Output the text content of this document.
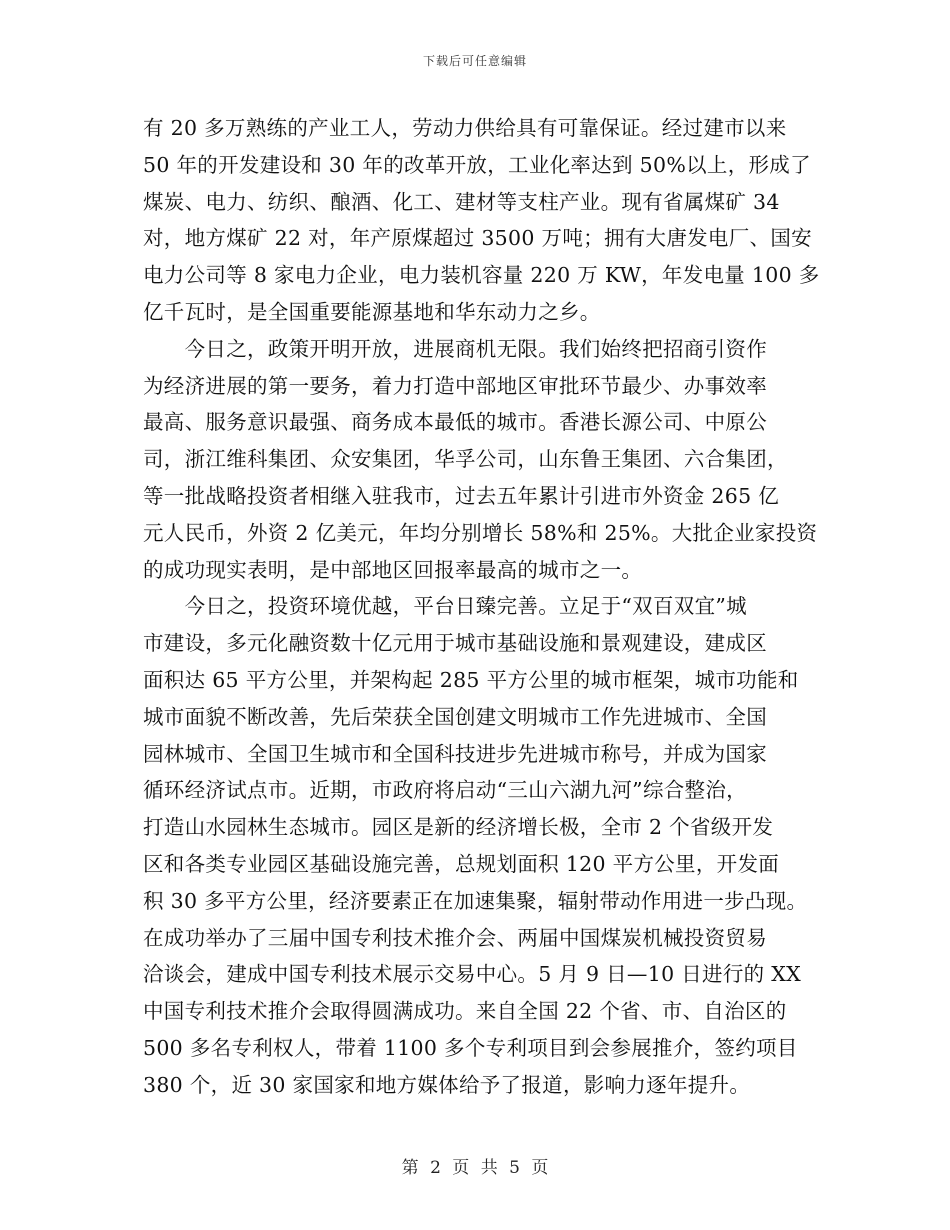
下载后可任意编辑
有 20 多万熟练的产业工人，劳动力供给具有可靠保证。经过建市以来
50 年的开发建设和 30 年的改革开放，工业化率达到 50%以上，形成了
煤炭、电力、纺织、酿酒、化工、建材等支柱产业。现有省属煤矿 34
对，地方煤矿 22 对，年产原煤超过 3500 万吨；拥有大唐发电厂、国安
电力公司等 8 家电力企业，电力装机容量 220 万 KW，年发电量 100 多
亿千瓦时，是全国重要能源基地和华东动力之乡。
　　今日之，政策开明开放，进展商机无限。我们始终把招商引资作
为经济进展的第一要务，着力打造中部地区审批环节最少、办事效率
最高、服务意识最强、商务成本最低的城市。香港长源公司、中原公
司，浙江维科集团、众安集团，华孚公司，山东鲁王集团、六合集团，
等一批战略投资者相继入驻我市，过去五年累计引进市外资金 265 亿
元人民币，外资 2 亿美元，年均分别增长 58%和 25%。大批企业家投资
的成功现实表明，是中部地区回报率最高的城市之一。
　　今日之，投资环境优越，平台日臻完善。立足于“双百双宜”城
市建设，多元化融资数十亿元用于城市基础设施和景观建设，建成区
面积达 65 平方公里，并架构起 285 平方公里的城市框架，城市功能和
城市面貌不断改善，先后荣获全国创建文明城市工作先进城市、全国
园林城市、全国卫生城市和全国科技进步先进城市称号，并成为国家
循环经济试点市。近期，市政府将启动“三山六湖九河”综合整治，
打造山水园林生态城市。园区是新的经济增长极，全市 2 个省级开发
区和各类专业园区基础设施完善，总规划面积 120 平方公里，开发面
积 30 多平方公里，经济要素正在加速集聚，辐射带动作用进一步凸现。
在成功举办了三届中国专利技术推介会、两届中国煤炭机械投资贸易
洽谈会，建成中国专利技术展示交易中心。5 月 9 日—10 日进行的 XX
中国专利技术推介会取得圆满成功。来自全国 22 个省、市、自治区的
500 多名专利权人，带着 1100 多个专利项目到会参展推介，签约项目
380 个，近 30 家国家和地方媒体给予了报道，影响力逐年提升。
第 2 页 共 5 页
